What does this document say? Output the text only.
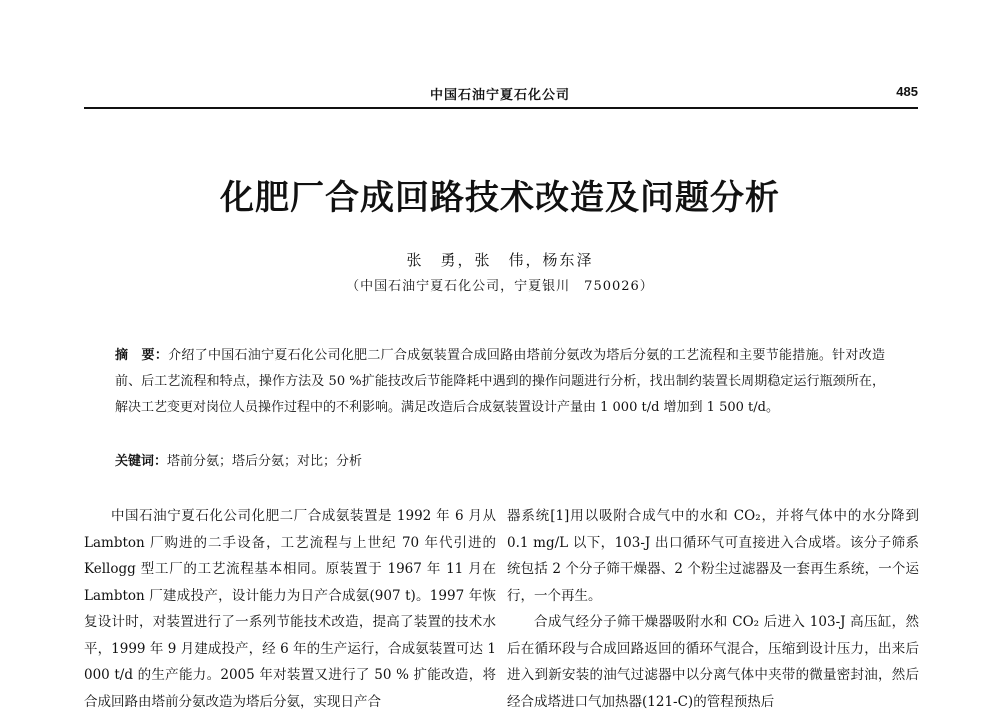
中国石油宁夏石化公司	485
化肥厂合成回路技术改造及问题分析
张　勇，张　伟，杨东泽
（中国石油宁夏石化公司，宁夏银川　750026）
摘　要：介绍了中国石油宁夏石化公司化肥二厂合成氨装置合成回路由塔前分氨改为塔后分氨的工艺流程和主要节能措施。针对改造前、后工艺流程和特点，操作方法及 50 %扩能技改后节能降耗中遇到的操作问题进行分析，找出制约装置长周期稳定运行瓶颈所在，解决工艺变更对岗位人员操作过程中的不利影响。满足改造后合成氨装置设计产量由 1 000 t/d 增加到 1 500 t/d。
关键词：塔前分氨；塔后分氨；对比；分析

中国石油宁夏石化公司化肥二厂合成氨装置是 1992 年 6 月从 Lambton 厂购进的二手设备，工艺流程与上世纪 70 年代引进的 Kellogg 型工厂的工艺流程基本相同。原装置于 1967 年 11 月在 Lambton 厂建成投产，设计能力为日产合成氨(907 t)。1997 年恢复设计时，对装置进行了一系列节能技术改造，提高了装置的技术水平，1999 年 9 月建成投产，经 6 年的生产运行，合成氨装置可达 1 000 t/d 的生产能力。2005 年对装置又进行了 50 % 扩能改造，将合成回路由塔前分氨改造为塔后分氨，实现日产合

器系统[1]用以吸附合成气中的水和 CO₂，并将气体中的水分降到 0.1 mg/L 以下，103-J 出口循环气可直接进入合成塔。该分子筛系统包括 2 个分子筛干燥器、2 个粉尘过滤器及一套再生系统，一个运行，一个再生。

合成气经分子筛干燥器吸附水和 CO₂ 后进入 103-J 高压缸，然后在循环段与合成回路返回的循环气混合，压缩到设计压力，出来后进入到新安装的油气过滤器中以分离气体中夹带的微量密封油，然后经合成塔进口气加热器(121-C)的管程预热后
